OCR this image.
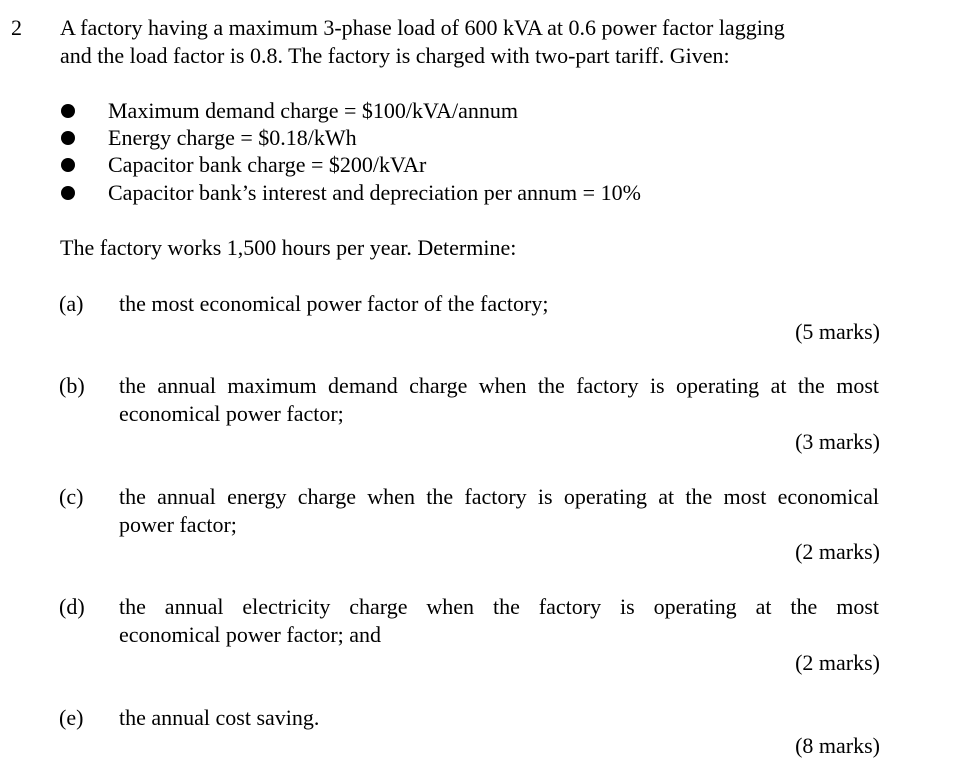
2 A factory having a maximum 3-phase load of 600 kVA at 0.6 power factor lagging
and the load factor is 0.8. The factory is charged with two-part tariff. Given:
Maximum demand charge = $100/kVA/annum
Energy charge = $0.18/kWh
Capacitor bank charge = $200/kVAr
Capacitor bank’s interest and depreciation per annum = 10%
The factory works 1,500 hours per year. Determine:
(a) the most economical power factor of the factory;
(5 marks)
(b) the annual maximum demand charge when the factory is operating at the most
economical power factor;
(3 marks)
(c) the annual energy charge when the factory is operating at the most economical
power factor;
(2 marks)
(d) the annual electricity charge when the factory is operating at the most
economical power factor; and
(2 marks)
(e) the annual cost saving.
(8 marks)
